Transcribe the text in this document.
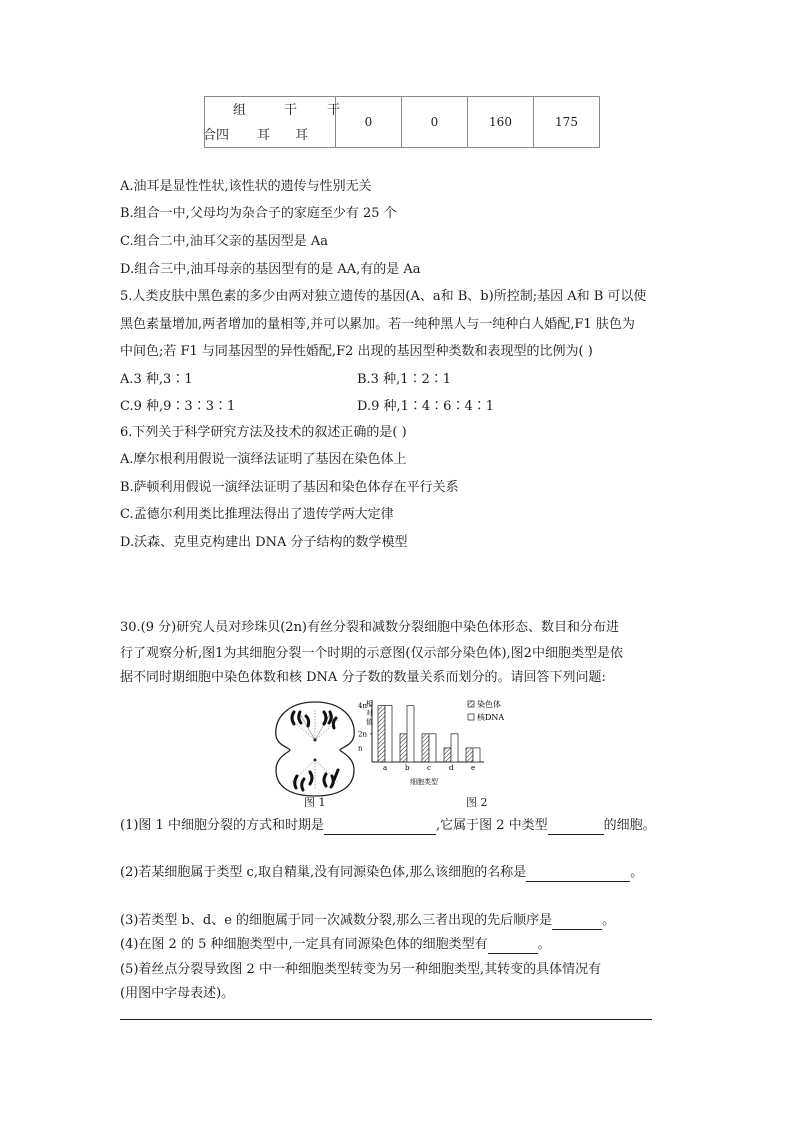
组	干 干
合四 耳 耳
	0	0	160	175
A.油耳是显性性状,该性状的遗传与性别无关
B.组合一中,父母均为杂合子的家庭至少有 25 个
C.组合二中,油耳父亲的基因型是 Aa
D.组合三中,油耳母亲的基因型有的是 AA,有的是 Aa
5.人类皮肤中黑色素的多少由两对独立遗传的基因(A、a和 B、b)所控制;基因 A和 B 可以使
黑色素量增加,两者增加的量相等,并可以累加。若一纯种黑人与一纯种白人婚配,F1 肤色为
中间色;若 F1 与同基因型的异性婚配,F2 出现的基因型种类数和表现型的比例为( )
A.3 种,3∶1	B.3 种,1∶2∶1
C.9 种,9∶3∶3∶1	D.9 种,1∶4∶6∶4∶1
6.下列关于科学研究方法及技术的叙述正确的是( )
A.摩尔根利用假说一演绎法证明了基因在染色体上
B.萨顿利用假说一演绎法证明了基因和染色体存在平行关系
C.孟德尔利用类比推理法得出了遗传学两大定律
D.沃森、克里克构建出 DNA 分子结构的数学模型
30.(9 分)研究人员对珍珠贝(2n)有丝分裂和减数分裂细胞中染色体形态、数目和分布进
行了观察分析,图1为其细胞分裂一个时期的示意图(仅示部分染色体),图2中细胞类型是依
据不同时期细胞中染色体数和核 DNA 分子数的数量关系而划分的。请回答下列问题:
图 1
n
2n
4n
a	b	c	d	e
相
对
值
细胞类型
染色体
核DNA
图 2
(1)图 1 中细胞分裂的方式和时期是	,它属于图 2 中类型	的细胞。
(2)若某细胞属于类型 c,取自精巢,没有同源染色体,那么该细胞的名称是	。
(3)若类型 b、d、e 的细胞属于同一次减数分裂,那么三者出现的先后顺序是	。
(4)在图 2 的 5 种细胞类型中,一定具有同源染色体的细胞类型有	。
(5)着丝点分裂导致图 2 中一种细胞类型转变为另一种细胞类型,其转变的具体情况有
(用图中字母表述)。
